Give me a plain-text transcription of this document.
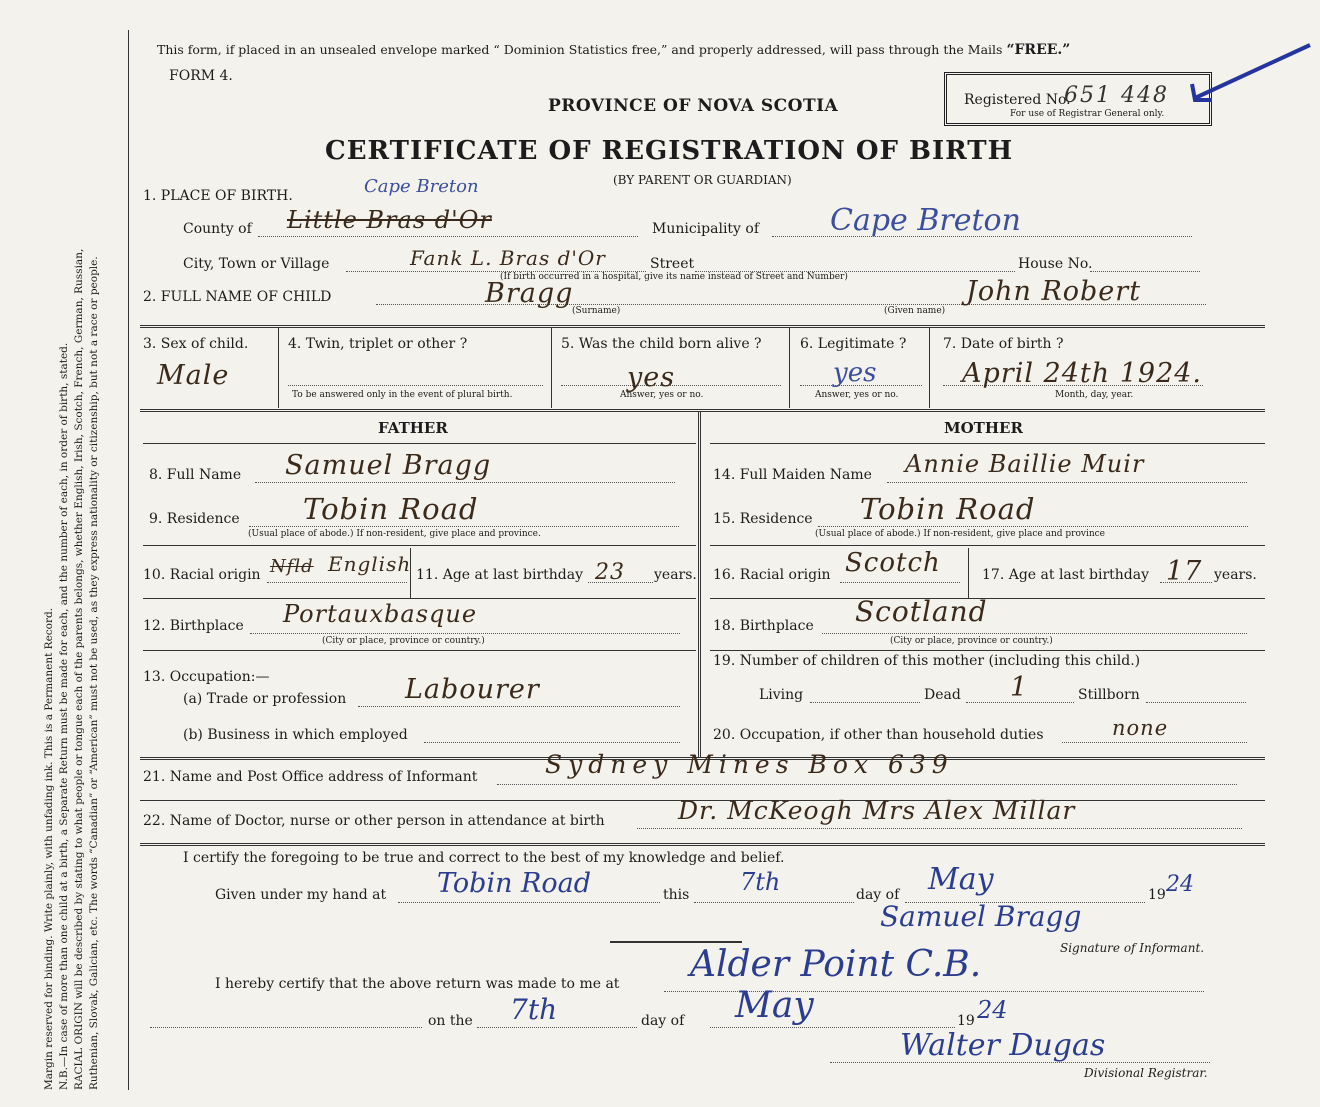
Margin reserved for binding. Write plainly, with unfading ink. This is a Permanent Record. N.B.—In case of more than one child at a birth, a Separate Return must be made for each, and the number of each, in order of birth, stated. RACIAL ORIGIN will be described by stating to what people or tongue each of the parents belongs, whether English, Irish, Scotch, French, German, Russian, Ruthenian, Slovak, Galician, etc. The words “Canadian” or “American” must not be used, as they express nationality or citizenship, but not a race or people.
This form, if placed in an unsealed envelope marked “ Dominion Statistics free,” and properly addressed, will pass through the Mails “FREE.”
FORM 4.
PROVINCE OF NOVA SCOTIA
CERTIFICATE OF REGISTRATION OF BIRTH
(BY PARENT OR GUARDIAN)
Registered No.
651 448
For use of Registrar General only.
1. PLACE OF BIRTH.	Cape Breton
County of Little Bras d'Or	Municipality of Cape Breton
City, Town or Village	Fank L. Bras d'Or	Street	House No.
(If birth occurred in a hospital, give its name instead of Street and Number)
2. FULL NAME OF CHILD	Bragg
(Surname)
John Robert
(Given name)
3. Sex of child.
Male
4. Twin, triplet or other ?
To be answered only in the event of plural birth.
5. Was the child born alive ?
yes
Answer, yes or no.
6. Legitimate ?
yes
Answer, yes or no.
7. Date of birth ?
April 24th 1924.
Month, day, year.
FATHER	MOTHER
8. Full Name Samuel Bragg
9. Residence Tobin Road
(Usual place of abode.) If non-resident, give place and province.
10. Racial origin Nfld English 11. Age at last birthday 23 years.
12. Birthplace Portauxbasque
(City or place, province or country.)
13. Occupation:—
(a) Trade or profession Labourer
(b) Business in which employed
14. Full Maiden Name Annie Baillie Muir
15. Residence Tobin Road
(Usual place of abode.) If non-resident, give place and province
16. Racial origin Scotch	17. Age at last birthday 17 years.
18. Birthplace Scotland
(City or place, province or country.)
19. Number of children of this mother (including this child.)
Living	Dead 1	Stillborn
20. Occupation, if other than household duties	none
21. Name and Post Office address of Informant	Sydney Mines Box 639
22. Name of Doctor, nurse or other person in attendance at birth	Dr. McKeogh Mrs Alex Millar
I certify the foregoing to be true and correct to the best of my knowledge and belief.
Given under my hand at Tobin Road	this 7th	day of May	19 24
Samuel Bragg
Signature of Informant.
I hereby certify that the above return was made to me at Alder Point C.B.
on the 7th	day of May	19 24
Walter Dugas
Divisional Registrar.
